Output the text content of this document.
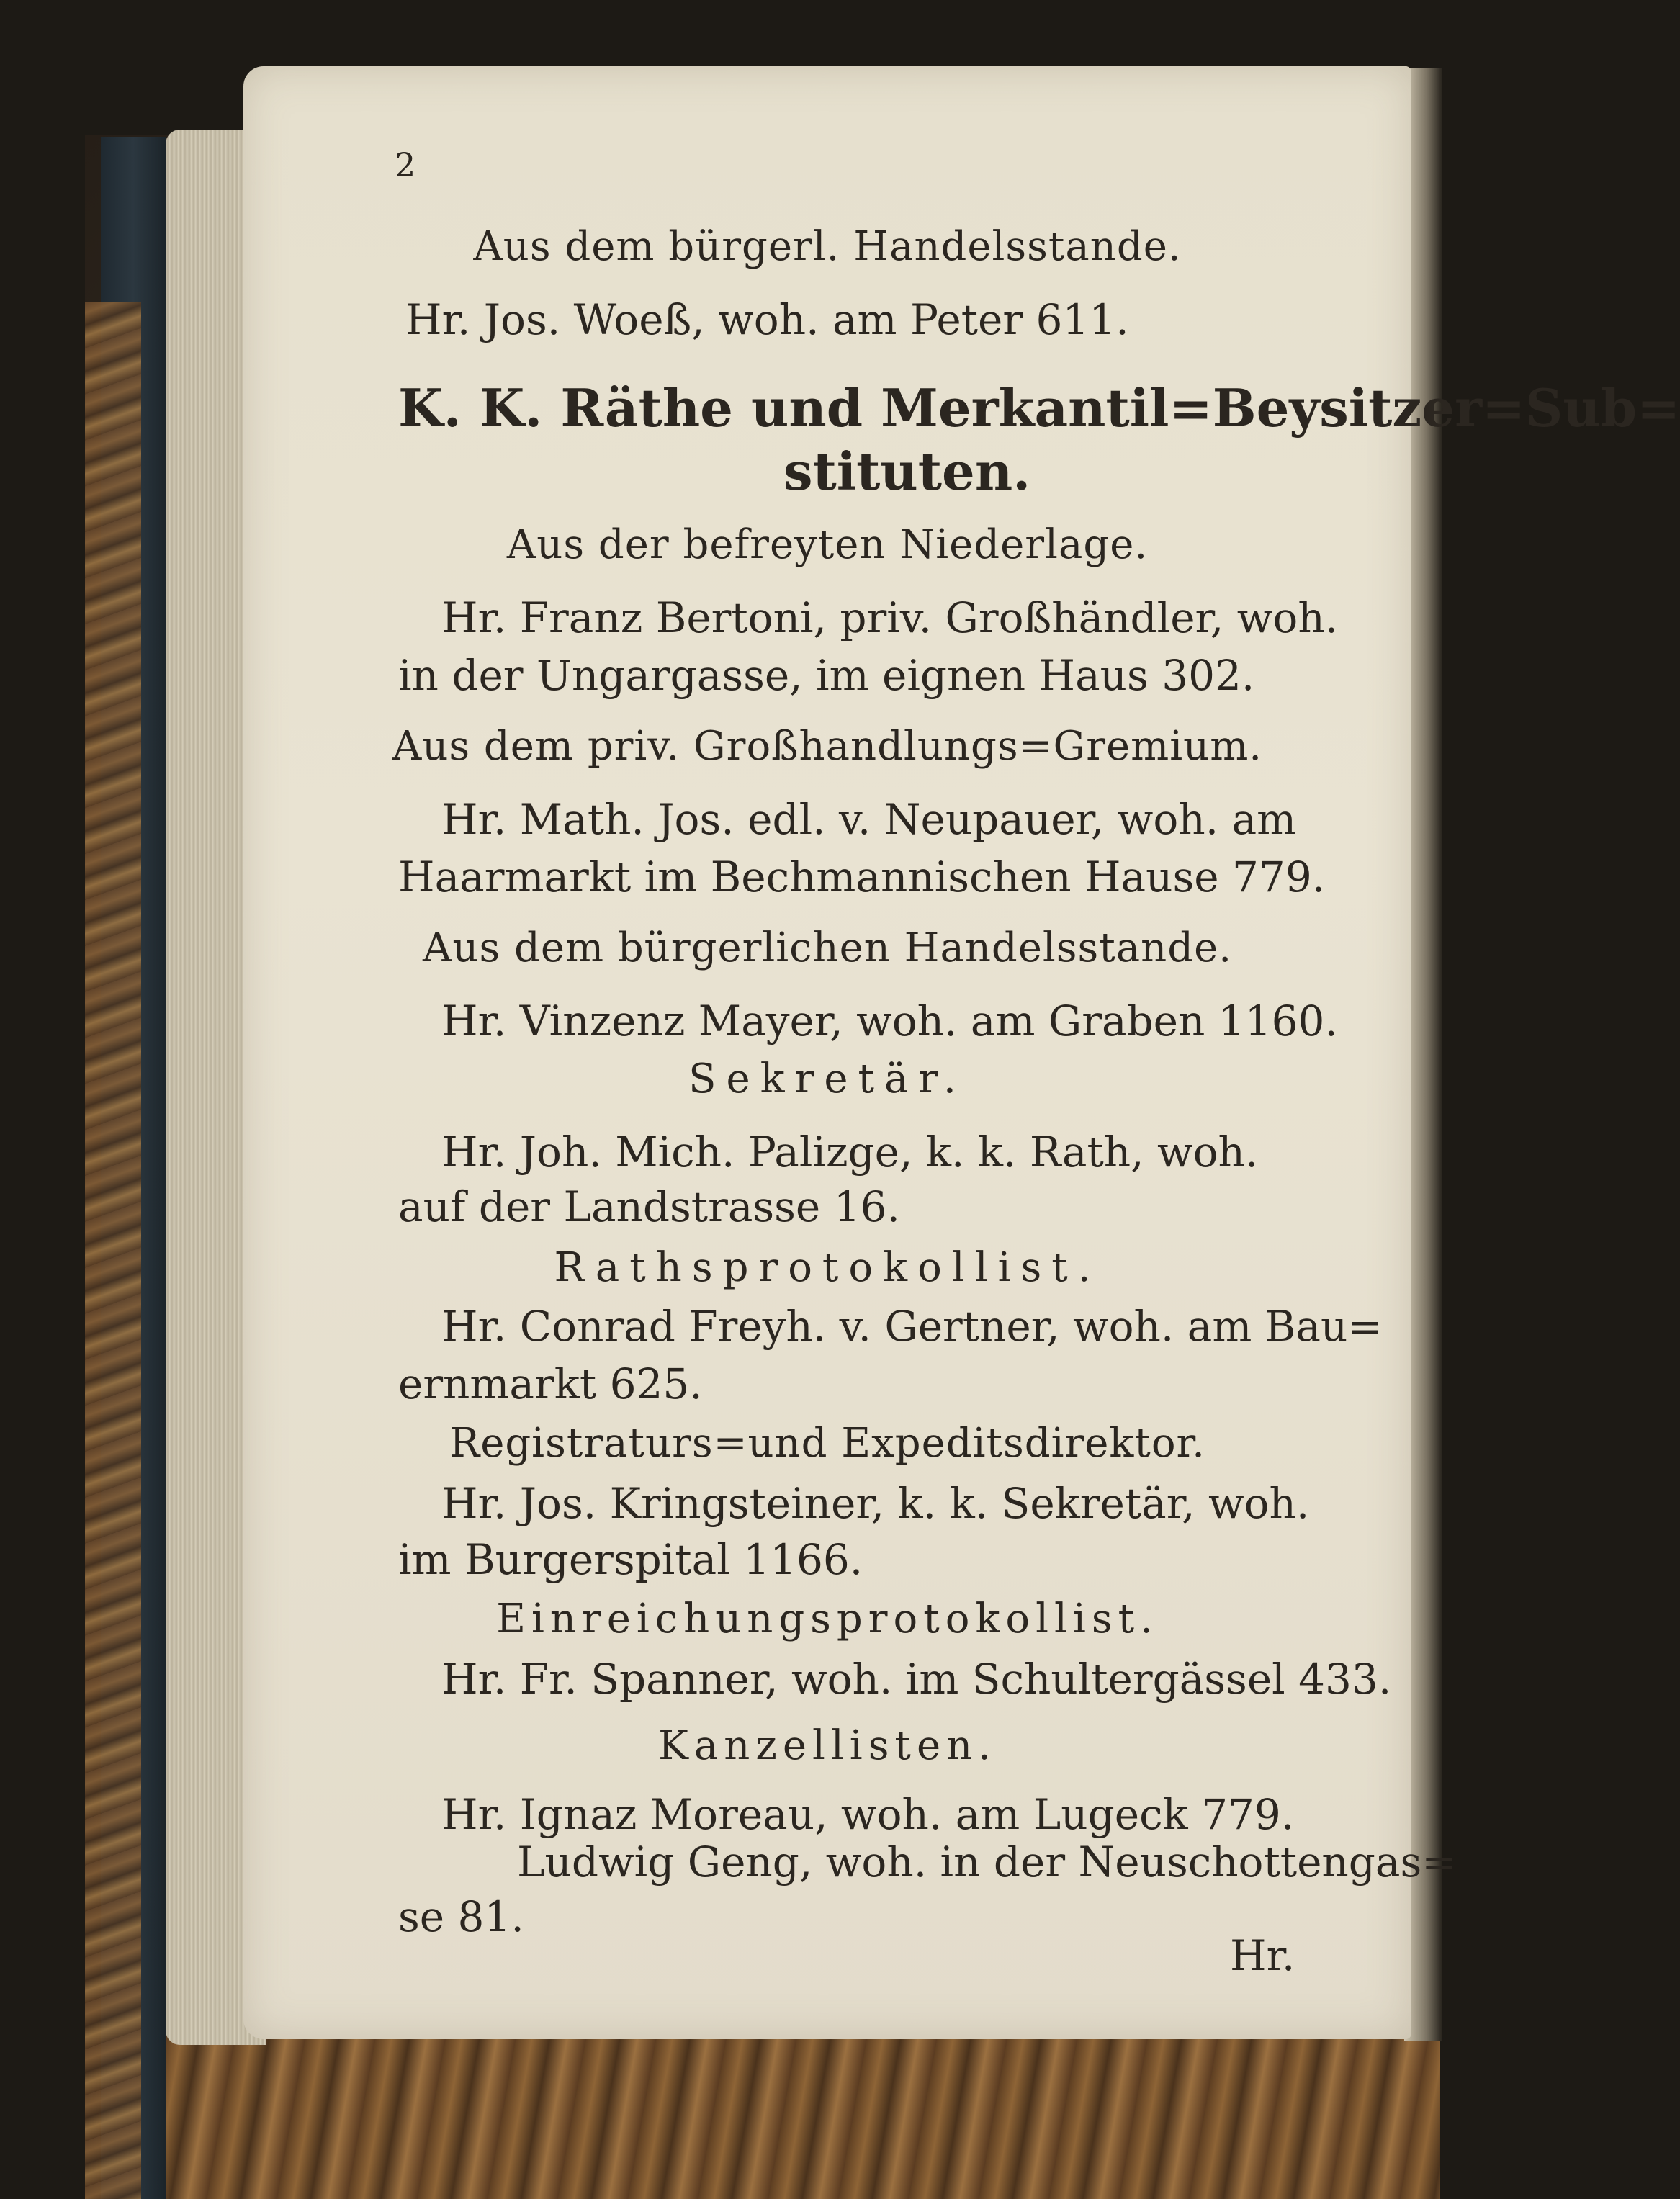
2
Aus dem bürgerl. Handelsstande.
Hr. Jos. Woeß, woh. am Peter 611.
K. K. Räthe und Merkantil=Beysitzer=Sub=
stituten.
Aus der befreyten Niederlage.
Hr. Franz Bertoni, priv. Großhändler, woh.
in der Ungargasse, im eignen Haus 302.
Aus dem priv. Großhandlungs=Gremium.
Hr. Math. Jos. edl. v. Neupauer, woh. am
Haarmarkt im Bechmannischen Hause 779.
Aus dem bürgerlichen Handelsstande.
Hr. Vinzenz Mayer, woh. am Graben 1160.
Sekretär.
Hr. Joh. Mich. Palizge, k. k. Rath, woh.
auf der Landstrasse 16.
Rathsprotokollist.
Hr. Conrad Freyh. v. Gertner, woh. am Bau=
ernmarkt 625.
Registraturs=und Expeditsdirektor.
Hr. Jos. Kringsteiner, k. k. Sekretär, woh.
im Burgerspital 1166.
Einreichungsprotokollist.
Hr. Fr. Spanner, woh. im Schultergässel 433.
Kanzellisten.
Hr. Ignaz Moreau, woh. am Lugeck 779.
Ludwig Geng, woh. in der Neuschottengas=
se 81.
Hr.
